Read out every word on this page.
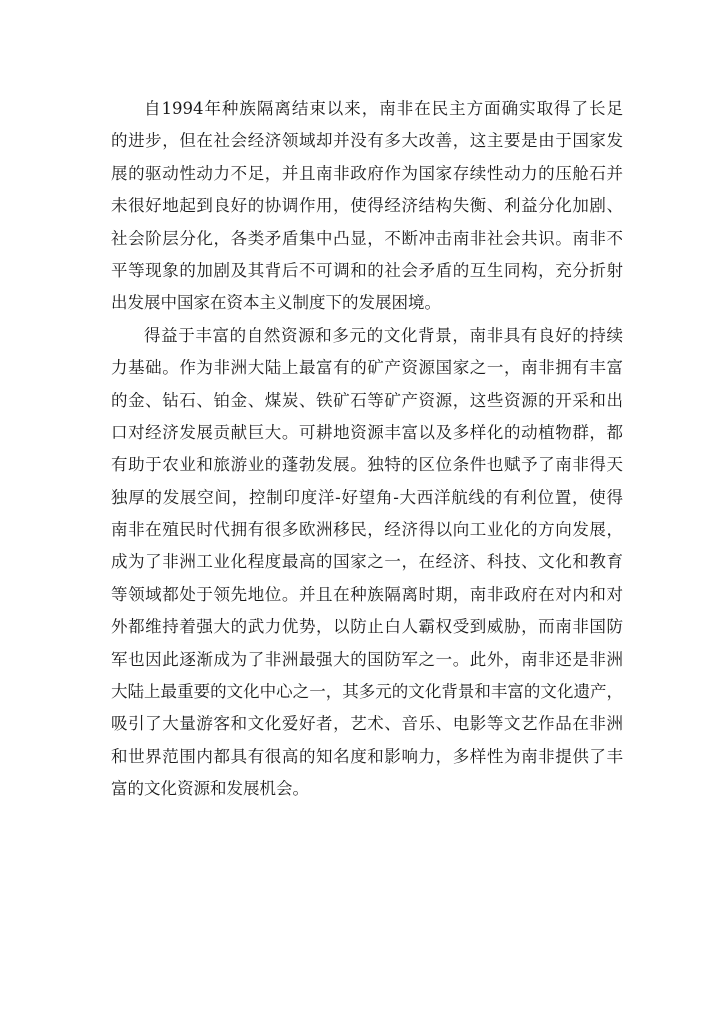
自1994年种族隔离结束以来，南非在民主方面确实取得了长足
的进步，但在社会经济领域却并没有多大改善，这主要是由于国家发
展的驱动性动力不足，并且南非政府作为国家存续性动力的压舱石并
未很好地起到良好的协调作用，使得经济结构失衡、利益分化加剧、
社会阶层分化，各类矛盾集中凸显，不断冲击南非社会共识。南非不
平等现象的加剧及其背后不可调和的社会矛盾的互生同构，充分折射
出发展中国家在资本主义制度下的发展困境。
得益于丰富的自然资源和多元的文化背景，南非具有良好的持续
力基础。作为非洲大陆上最富有的矿产资源国家之一，南非拥有丰富
的金、钻石、铂金、煤炭、铁矿石等矿产资源，这些资源的开采和出
口对经济发展贡献巨大。可耕地资源丰富以及多样化的动植物群，都
有助于农业和旅游业的蓬勃发展。独特的区位条件也赋予了南非得天
独厚的发展空间，控制印度洋-好望角-大西洋航线的有利位置，使得
南非在殖民时代拥有很多欧洲移民，经济得以向工业化的方向发展，
成为了非洲工业化程度最高的国家之一，在经济、科技、文化和教育
等领域都处于领先地位。并且在种族隔离时期，南非政府在对内和对
外都维持着强大的武力优势，以防止白人霸权受到威胁，而南非国防
军也因此逐渐成为了非洲最强大的国防军之一。此外，南非还是非洲
大陆上最重要的文化中心之一，其多元的文化背景和丰富的文化遗产，
吸引了大量游客和文化爱好者，艺术、音乐、电影等文艺作品在非洲
和世界范围内都具有很高的知名度和影响力，多样性为南非提供了丰
富的文化资源和发展机会。
